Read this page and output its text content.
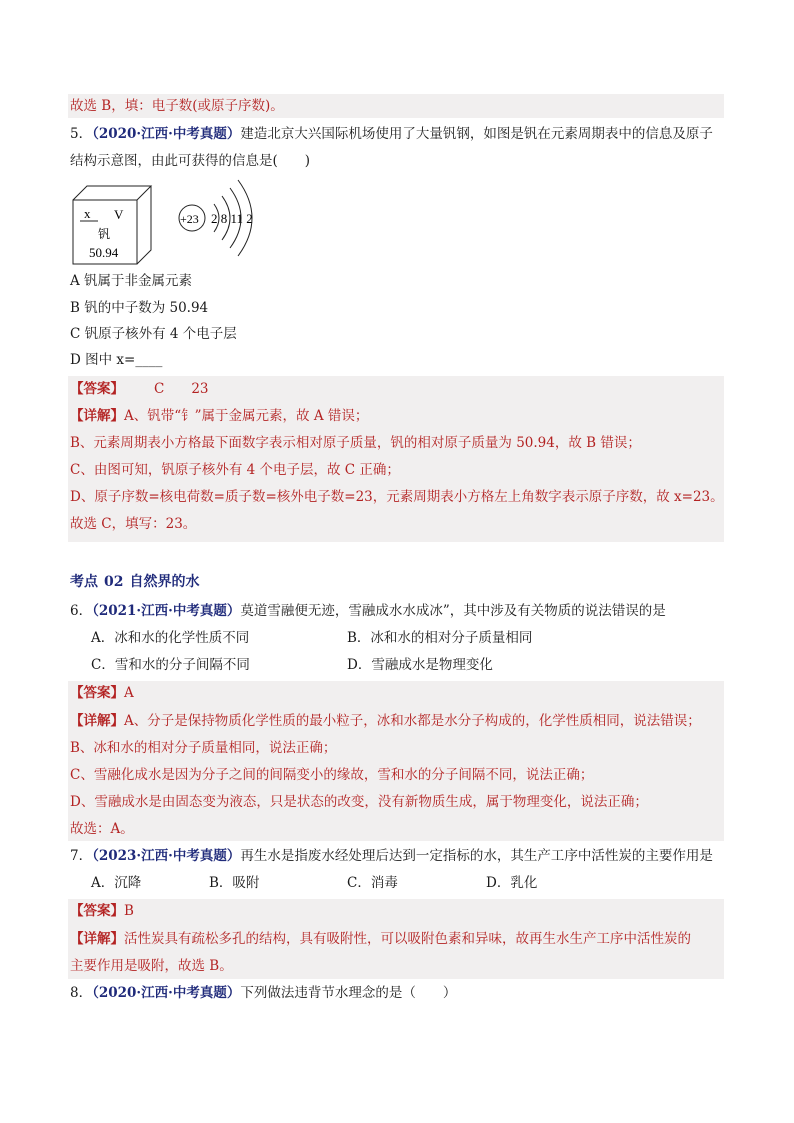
故选 B，填：电子数(或原子序数)。
5．（2020·江西·中考真题）建造北京大兴国际机场使用了大量钒钢，如图是钒在元素周期表中的信息及原子
结构示意图，由此可获得的信息是(　　)
x V
钒
50.94
+23 2 8 11 2
A 钒属于非金属元素
B 钒的中子数为 50.94
C 钒原子核外有 4 个电子层
D 图中 x=____
【答案】 C　　23
【详解】A、钒带“钅”属于金属元素，故 A 错误；
B、元素周期表小方格最下面数字表示相对原子质量，钒的相对原子质量为 50.94，故 B 错误；
C、由图可知，钒原子核外有 4 个电子层，故 C 正确；
D、原子序数=核电荷数=质子数=核外电子数=23，元素周期表小方格左上角数字表示原子序数，故 x=23。
故选 C，填写：23。
考点 02 自然界的水
6．（2021·江西·中考真题）莫道雪融便无迹，雪融成水水成冰”，其中涉及有关物质的说法错误的是
A．冰和水的化学性质不同	B．冰和水的相对分子质量相同
C．雪和水的分子间隔不同	D．雪融成水是物理变化
【答案】A
【详解】A、分子是保持物质化学性质的最小粒子，冰和水都是水分子构成的，化学性质相同，说法错误；
B、冰和水的相对分子质量相同，说法正确；
C、雪融化成水是因为分子之间的间隔变小的缘故，雪和水的分子间隔不同，说法正确；
D、雪融成水是由固态变为液态，只是状态的改变，没有新物质生成，属于物理变化，说法正确；
故选：A。
7．（2023·江西·中考真题）再生水是指废水经处理后达到一定指标的水，其生产工序中活性炭的主要作用是
A．沉降	B．吸附	C．消毒	D．乳化
【答案】B
【详解】活性炭具有疏松多孔的结构，具有吸附性，可以吸附色素和异味，故再生水生产工序中活性炭的
主要作用是吸附，故选 B。
8．（2020·江西·中考真题）下列做法违背节水理念的是（　　）
